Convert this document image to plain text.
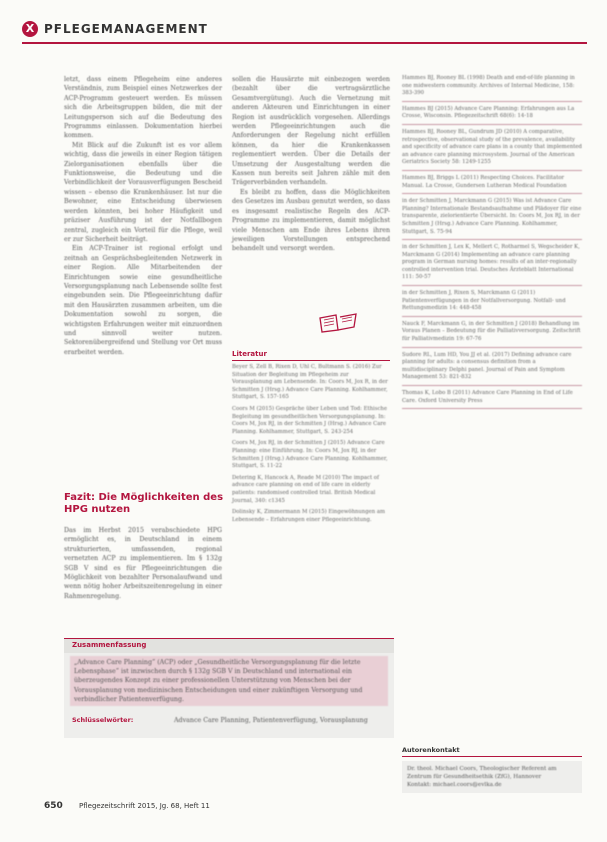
X PFLEGEMANAGEMENT

letzt, dass einem Pflegeheim eine anderes Verständnis, zum Beispiel eines Netzwerkes der ACP-Programm gesteuert werden. Es müssen sich die Arbeitsgruppen bilden, die mit der Leitungsperson sich auf die Bedeutung des Programms einlassen. Dokumentation hierbei kommen.

Mit Blick auf die Zukunft ist es vor allem wichtig, dass die jeweils in einer Region tätigen Zielorganisationen ebenfalls über die Funktionsweise, die Bedeutung und die Verbindlichkeit der Vorausverfügungen Bescheid wissen – ebenso die Krankenhäuser. Ist nur die Bewohner, eine Entscheidung überwiesen werden könnten, bei hoher Häufigkeit und präziser Ausführung ist der Notfallbogen zentral, zugleich ein Vorteil für die Pflege, weil er zur Sicherheit beiträgt.

Ein ACP-Trainer ist regional erfolgt und zeitnah an Gesprächsbegleitenden Netzwerk in einer Region. Alle Mitarbeitenden der Einrichtungen sowie eine gesundheitliche Versorgungsplanung nach Lebensende sollte fest eingebunden sein. Die Pflegeeinrichtung dafür mit den Hausärzten zusammen arbeiten, um die Dokumentation sowohl zu sorgen, die wichtigsten Erfahrungen weiter mit einzuordnen und sinnvoll weiter nutzen. Sektorenübergreifend und Stellung vor Ort muss erarbeitet werden.

Fazit: Die Möglichkeiten des HPG nutzen

Das im Herbst 2015 verabschiedete HPG ermöglicht es, in Deutschland in einem strukturierten, umfassenden, regional vernetzten ACP zu implementieren. Im § 132g SGB V sind es für Pflegeeinrichtungen die Möglichkeit von bezahlter Personalaufwand und wenn nötig hoher Arbeitszeitenregelung in einer Rahmenregelung.

sollen die Hausärzte mit einbezogen werden (bezahlt über die vertragsärztliche Gesamtvergütung). Auch die Vernetzung mit anderen Akteuren und Einrichtungen in einer Region ist ausdrücklich vorgesehen. Allerdings werden Pflegeeinrichtungen auch die Anforderungen der Regelung nicht erfüllen können, da hier die Krankenkassen reglementiert werden. Über die Details der Umsetzung der Ausgestaltung werden die Kassen nun bereits seit Jahren zähle mit den Trägerverbänden verhandeln.

Es bleibt zu hoffen, dass die Möglichkeiten des Gesetzes im Ausbau genutzt werden, so dass es insgesamt realistische Regeln des ACP-Programme zu implementieren, damit möglichst viele Menschen am Ende ihres Lebens ihren jeweiligen Vorstellungen entsprechend behandelt und versorgt werden.

Literatur
Beyer S, Zell B, Rixen D, Uhl C, Bultmann S. (2016) Zur Situation der Begleitung im Pflegeheim zur Vorausplanung am Lebensende. In: Coors M, Jox R, in der Schmitten J (Hrsg.) Advance Care Planning. Kohlhammer, Stuttgart, S. 157-165
Coors M (2015) Gespräche über Leben und Tod: Ethische Begleitung im gesundheitlichen Versorgungsplanung. In: Coors M, Jox RJ, in der Schmitten J (Hrsg.) Advance Care Planning. Kohlhammer, Stuttgart, S. 243-254
Coors M, Jox RJ, in der Schmitten J (2015) Advance Care Planning: eine Einführung. In: Coors M, Jox RJ, in der Schmitten J (Hrsg.) Advance Care Planning. Kohlhammer, Stuttgart, S. 11-22
Detering K, Hancock A, Reade M (2010) The impact of advance care planning on end of life care in elderly patients: randomised controlled trial. British Medical Journal, 340: c1345
Dolinsky K, Zimmermann M (2015) Eingewöhnungen am Lebensende – Erfahrungen einer Pflegeeinrichtung.
Hammes BJ, Rooney BL (1998) Death and end-of-life planning in one midwestern community. Archives of Internal Medicine, 158: 383-390
Hammes BJ (2015) Advance Care Planning: Erfahrungen aus La Crosse, Wisconsin. Pflegezeitschrift 68(6): 14-18
Hammes BJ, Rooney BL, Gundrum JD (2010) A comparative, retrospective, observational study of the prevalence, availability and specificity of advance care plans in a county that implemented an advance care planning microsystem. Journal of the American Geriatrics Society 58: 1249-1255
Hammes BJ, Briggs L (2011) Respecting Choices. Facilitator Manual. La Crosse, Gundersen Lutheran Medical Foundation
in der Schmitten J, Marckmann G (2015) Was ist Advance Care Planning? Internationale Bestandsaufnahme und Plädoyer für eine transparente, zielorientierte Übersicht. In: Coors M, Jox RJ, in der Schmitten J (Hrsg.) Advance Care Planning. Kohlhammer, Stuttgart, S. 75-94
in der Schmitten J, Lex K, Mellert C, Rotharmel S, Wegscheider K, Marckmann G (2014) Implementing an advance care planning program in German nursing homes: results of an inter-regionally controlled intervention trial. Deutsches Ärzteblatt International 111: 50-57
in der Schmitten J, Rixen S, Marckmann G (2011) Patientenverfügungen in der Notfallversorgung. Notfall- und Rettungsmedizin 14: 448-458
Nauck F, Marckmann G, in der Schmitten J (2018) Behandlung im Voraus Planen – Bedeutung für die Palliativversorgung. Zeitschrift für Palliativmedizin 19: 67-76
Sudore RL, Lum HD, You JJ et al. (2017) Defining advance care planning for adults: a consensus definition from a multidisciplinary Delphi panel. Journal of Pain and Symptom Management 53: 821-832
Thomas K, Lobo B (2011) Advance Care Planning in End of Life Care. Oxford University Press
Zusammenfassung
„Advance Care Planning“ (ACP) oder „Gesundheitliche Versorgungsplanung für die letzte Lebensphase“ ist inzwischen durch § 132g SGB V in Deutschland und international ein überzeugendes Konzept zu einer professionellen Unterstützung von Menschen bei der Vorausplanung von medizinischen Entscheidungen und einer zukünftigen Versorgung und verbindlicher Patientenverfügung.
Schlüsselwörter:	Advance Care Planning, Patientenverfügung, Vorausplanung
Autorenkontakt
Dr. theol. Michael Coors, Theologischer Referent am Zentrum für Gesundheitsethik (ZfG), Hannover
Kontakt: michael.coors@evlka.de
650 Pflegezeitschrift 2015, Jg. 68, Heft 11
